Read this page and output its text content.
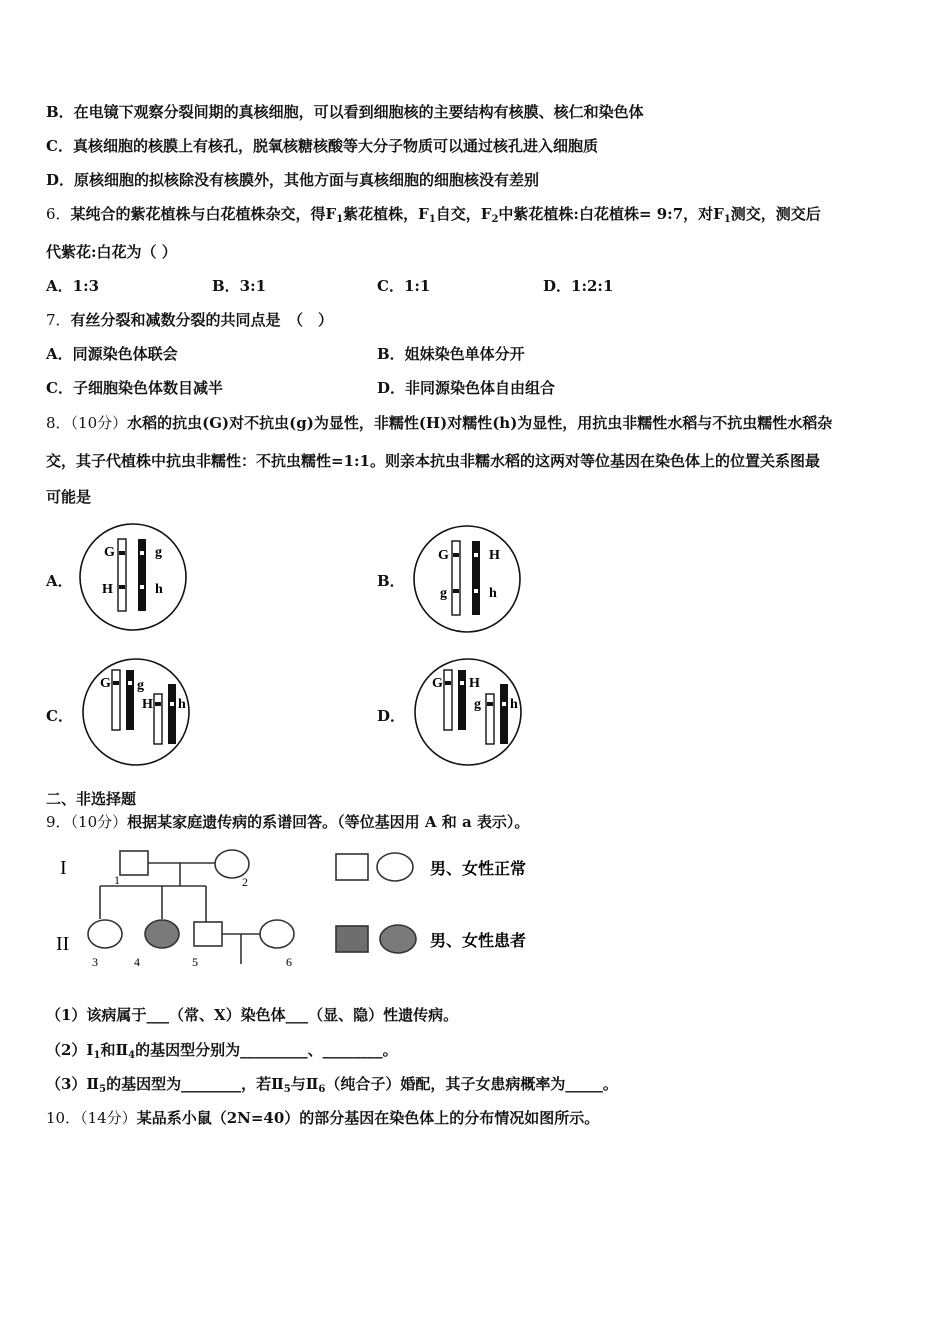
B．在电镜下观察分裂间期的真核细胞，可以看到细胞核的主要结构有核膜、核仁和染色体
C．真核细胞的核膜上有核孔，脱氧核糖核酸等大分子物质可以通过核孔进入细胞质
D．原核细胞的拟核除没有核膜外，其他方面与真核细胞的细胞核没有差别
6．某纯合的紫花植株与白花植株杂交，得$F_1$紫花植株，$F_1$自交，$F_2$中紫花植株:白花植株= 9:7，对$F_1$测交，测交后
代紫花:白花为（ ）
A．1:3	B．3:1	C．1:1	D．1:2:1
7．有丝分裂和减数分裂的共同点是　（　）
A．同源染色体联会	B．姐妹染色单体分开
C．子细胞染色体数目减半	D．非同源染色体自由组合
8．（10分）水稻的抗虫(G)对不抗虫(g)为显性，非糯性(H)对糯性(h)为显性，用抗虫非糯性水稻与不抗虫糯性水稻杂
交，其子代植株中抗虫非糯性：不抗虫糯性=1:1。则亲本抗虫非糯水稻的这两对等位基因在染色体上的位置关系图最
可能是
A．
G	g
H	h	B．
G	H
g	h
C．
G g
H h
D．
G H
g h
二、非选择题
9．（10分）根据某家庭遗传病的系谱回答。（等位基因用 A 和 a 表示）。
I
II
1	2
3	4	5	6
男、女性正常
男、女性患者
（1）该病属于___（常、X）染色体___（显、隐）性遗传病。
$(2)Ⅰ_1$和$Ⅱ_4$的基因型分别为_________、________。
$(3)Ⅱ_5$的基因型为________，若$Ⅱ_5$与$Ⅱ_6$（纯合子）婚配，其子女患病概率为_____。
10．（14分）某品系小鼠（2N=40）的部分基因在染色体上的分布情况如图所示。
